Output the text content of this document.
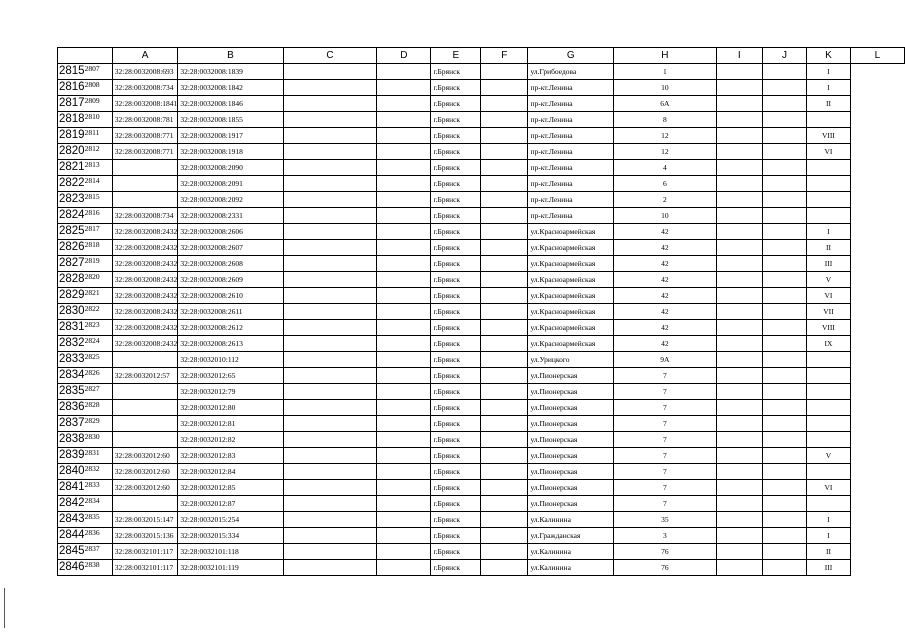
	A	B	C	D	E	F	G	H	I	J	K	L
$2815^{2807}$	32:28:0032008:693	32:28:0032008:1839			г.Брянск		ул.Грибоедова	1			I	
$2816^{2808}$	32:28:0032008:734	32:28:0032008:1842			г.Брянск		пр-кт.Ленина	10			I	
$2817^{2809}$	32:28:0032008:1841	32:28:0032008:1846			г.Брянск		пр-кт.Ленина	6А			II	
$2818^{2810}$	32:28:0032008:781	32:28:0032008:1855			г.Брянск		пр-кт.Ленина	8				
$2819^{2811}$	32:28:0032008:771	32:28:0032008:1917			г.Брянск		пр-кт.Ленина	12			VIII	
$2820^{2812}$	32:28:0032008:771	32:28:0032008:1918			г.Брянск		пр-кт.Ленина	12			VI	
$2821^{2813}$		32:28:0032008:2090			г.Брянск		пр-кт.Ленина	4				
$2822^{2814}$		32:28:0032008:2091			г.Брянск		пр-кт.Ленина	6				
$2823^{2815}$		32:28:0032008:2092			г.Брянск		пр-кт.Ленина	2				
$2824^{2816}$	32:28:0032008:734	32:28:0032008:2331			г.Брянск		пр-кт.Ленина	10				
$2825^{2817}$	32:28:0032008:2432	32:28:0032008:2606			г.Брянск		ул.Красноармейская	42			I	
$2826^{2818}$	32:28:0032008:2432	32:28:0032008:2607			г.Брянск		ул.Красноармейская	42			II	
$2827^{2819}$	32:28:0032008:2432	32:28:0032008:2608			г.Брянск		ул.Красноармейская	42			III	
$2828^{2820}$	32:28:0032008:2432	32:28:0032008:2609			г.Брянск		ул.Красноармейская	42			V	
$2829^{2821}$	32:28:0032008:2432	32:28:0032008:2610			г.Брянск		ул.Красноармейская	42			VI	
$2830^{2822}$	32:28:0032008:2432	32:28:0032008:2611			г.Брянск		ул.Красноармейская	42			VII	
$2831^{2823}$	32:28:0032008:2432	32:28:0032008:2612			г.Брянск		ул.Красноармейская	42			VIII	
$2832^{2824}$	32:28:0032008:2432	32:28:0032008:2613			г.Брянск		ул.Красноармейская	42			IX	
$2833^{2825}$		32:28:0032010:112			г.Брянск		ул.Урицкого	9А				
$2834^{2826}$	32:28:0032012:57	32:28:0032012:65			г.Брянск		ул.Пионерская	7				
$2835^{2827}$		32:28:0032012:79			г.Брянск		ул.Пионерская	7				
$2836^{2828}$		32:28:0032012:80			г.Брянск		ул.Пионерская	7				
$2837^{2829}$		32:28:0032012:81			г.Брянск		ул.Пионерская	7				
$2838^{2830}$		32:28:0032012:82			г.Брянск		ул.Пионерская	7				
$2839^{2831}$	32:28:0032012:60	32:28:0032012:83			г.Брянск		ул.Пионерская	7			V	
$2840^{2832}$	32:28:0032012:60	32:28:0032012:84			г.Брянск		ул.Пионерская	7				
$2841^{2833}$	32:28:0032012:60	32:28:0032012:85			г.Брянск		ул.Пионерская	7			VI	
$2842^{2834}$		32:28:0032012:87			г.Брянск		ул.Пионерская	7				
$2843^{2835}$	32:28:0032015:147	32:28:0032015:254			г.Брянск		ул.Калинина	35			I	
$2844^{2836}$	32:28:0032015:136	32:28:0032015:334			г.Брянск		ул.Гражданская	3			I	
$2845^{2837}$	32:28:0032101:117	32:28:0032101:118			г.Брянск		ул.Калинина	76			II	
$2846^{2838}$	32:28:0032101:117	32:28:0032101:119			г.Брянск		ул.Калинина	76			III	
